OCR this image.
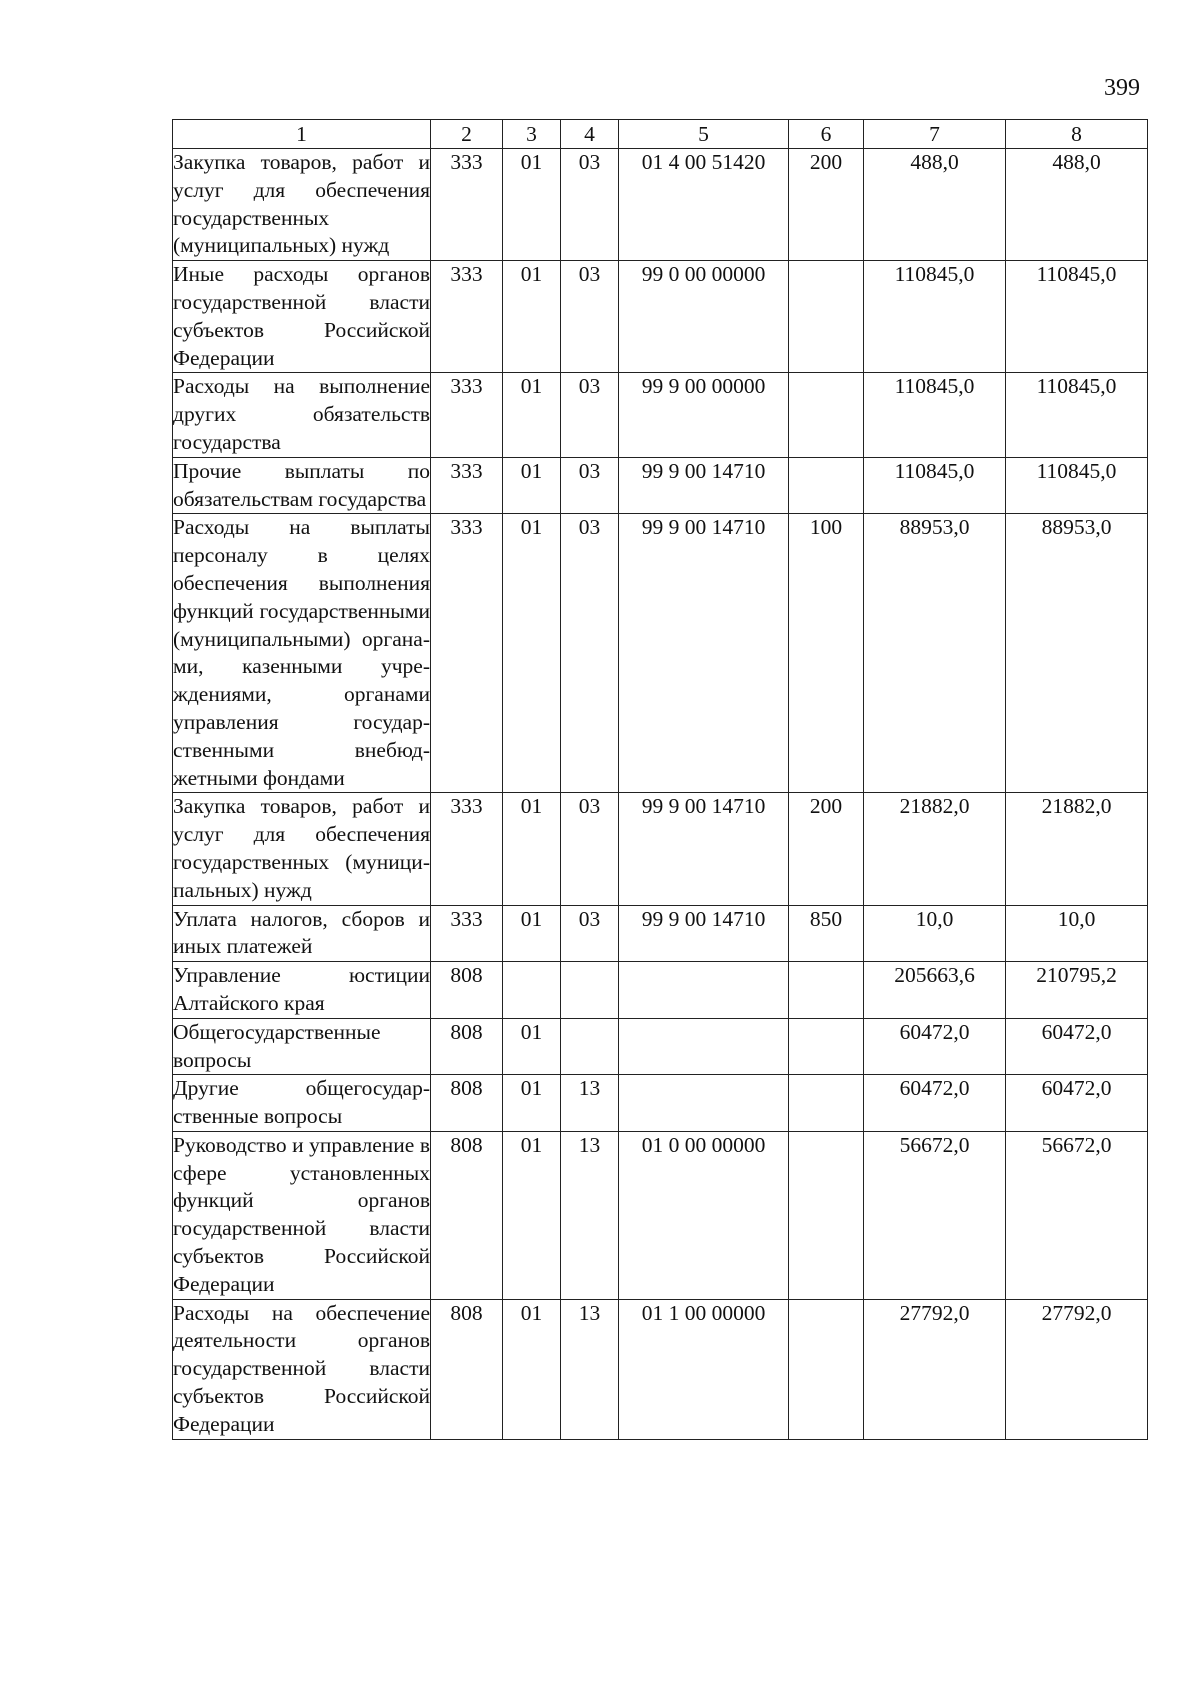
399
1	2	3	4	5	6	7	8
Закупка товаров, работ и услуг для обеспечения государственных (муниципальных) нужд	333	01	03	01 4 00 51420	200	488,0	488,0
Иные расходы органов государственной власти субъектов Российской Федерации	333	01	03	99 0 00 00000		110845,0	110845,0
Расходы на выполнение других обязательств государства	333	01	03	99 9 00 00000		110845,0	110845,0
Прочие выплаты по обязательствам государства	333	01	03	99 9 00 14710		110845,0	110845,0
Расходы на выплаты персоналу в целях обеспечения выполнения функций государственными (муниципальными) органами, казенными учреждениями, органами управления государственными внебюджетными фондами	333	01	03	99 9 00 14710	100	88953,0	88953,0
Закупка товаров, работ и услуг для обеспечения государственных (муниципальных) нужд	333	01	03	99 9 00 14710	200	21882,0	21882,0
Уплата налогов, сборов и иных платежей	333	01	03	99 9 00 14710	850	10,0	10,0
Управление юстиции Алтайского края	808					205663,6	210795,2
Общегосударственные вопросы	808	01				60472,0	60472,0
Другие общегосударственные вопросы	808	01	13			60472,0	60472,0
Руководство и управление в сфере установленных функций органов государственной власти субъектов Российской Федерации	808	01	13	01 0 00 00000		56672,0	56672,0
Расходы на обеспечение деятельности органов государственной власти субъектов Российской Федерации	808	01	13	01 1 00 00000		27792,0	27792,0
